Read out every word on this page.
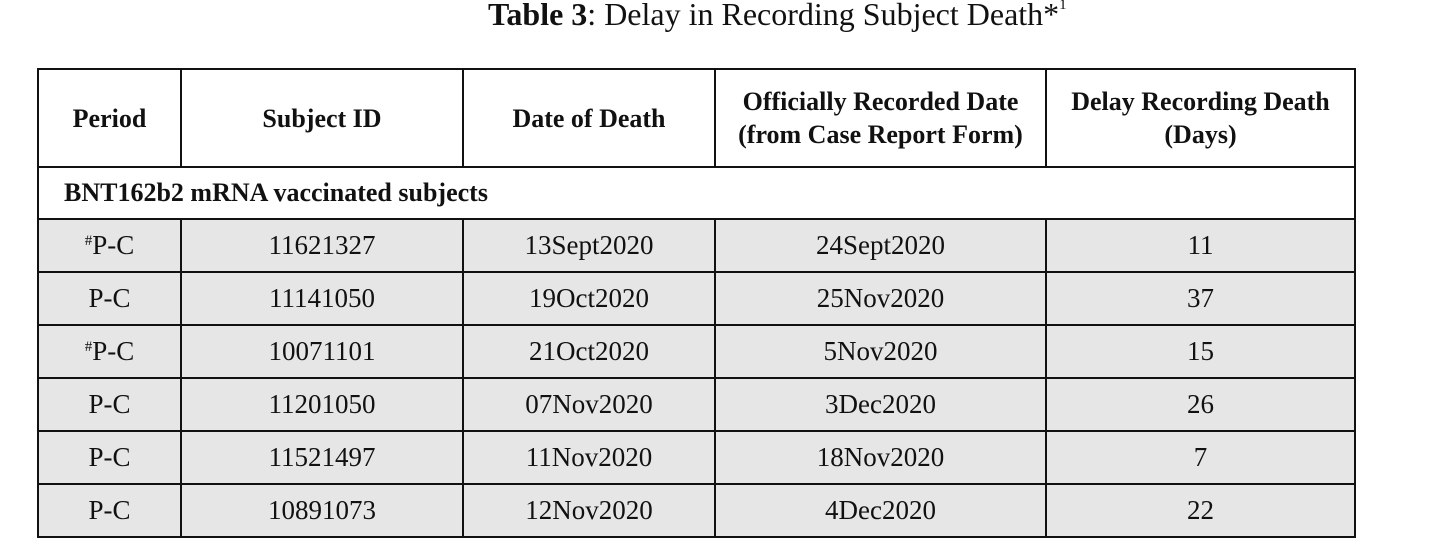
Table 3: Delay in Recording Subject Death*$^1$
Period	Subject ID	Date of Death	Officially Recorded Date (from Case Report Form)	Delay Recording Death (Days)
BNT162b2 mRNA vaccinated subjects				
#P-C	11621327	13Sept2020	24Sept2020	11
P-C	11141050	19Oct2020	25Nov2020	37
#P-C	10071101	21Oct2020	5Nov2020	15
P-C	11201050	07Nov2020	3Dec2020	26
P-C	11521497	11Nov2020	18Nov2020	7
P-C	10891073	12Nov2020	4Dec2020	22
